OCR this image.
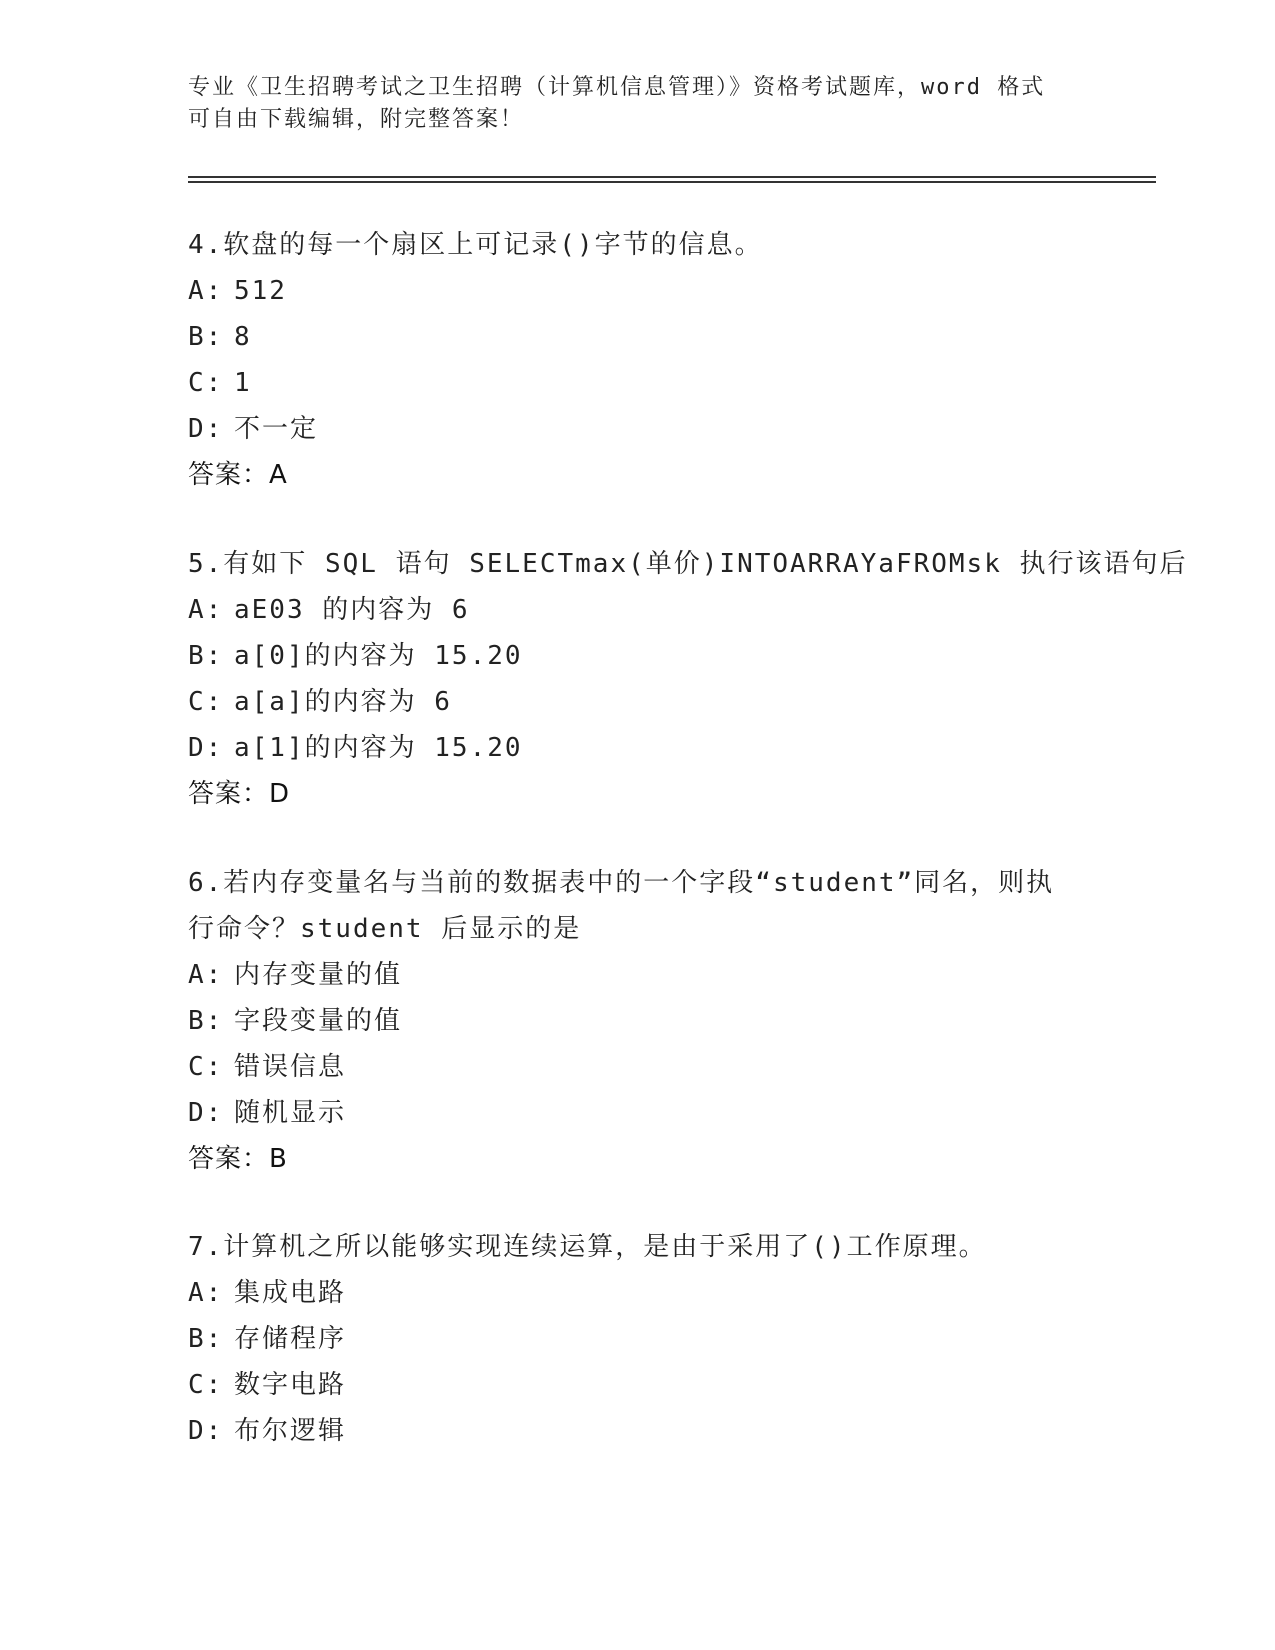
专业《卫生招聘考试之卫生招聘（计算机信息管理）》资格考试题库，word 格式
可自由下载编辑，附完整答案！
4.软盘的每一个扇区上可记录()字节的信息。
A: 512
B: 8
C: 1
D: 不一定
答案：A
5.有如下 SQL 语句 SELECTmax(单价)INTOARRAYaFROMsk 执行该语句后
A: aE03 的内容为 6
B: a[0]的内容为 15.20
C: a[a]的内容为 6
D: a[1]的内容为 15.20
答案：D
6.若内存变量名与当前的数据表中的一个字段“student”同名，则执
行命令？student 后显示的是
A: 内存变量的值
B: 字段变量的值
C: 错误信息
D: 随机显示
答案：B
7.计算机之所以能够实现连续运算，是由于采用了()工作原理。
A: 集成电路
B: 存储程序
C: 数字电路
D: 布尔逻辑
